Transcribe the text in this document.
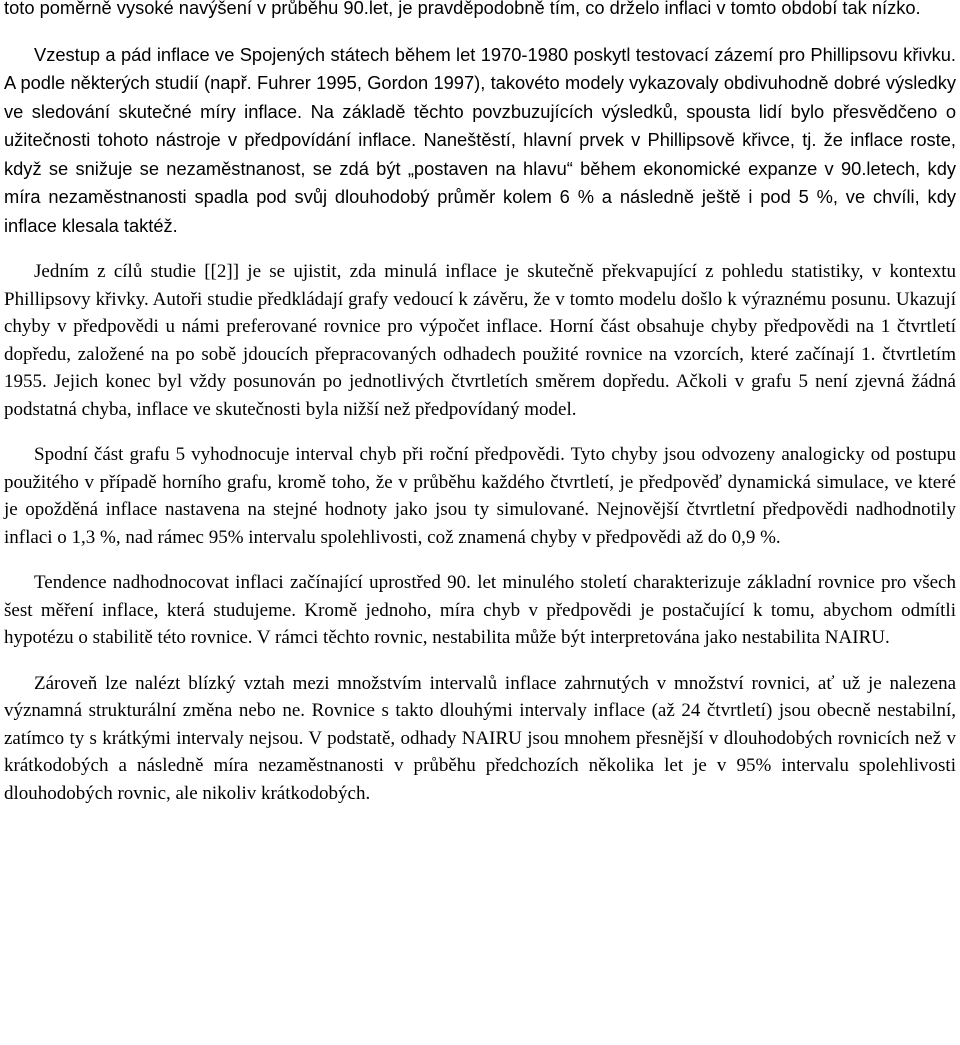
toto poměrně vysoké navýšení v průběhu 90.let, je pravděpodobně tím, co drželo inflaci v tomto období tak nízko.

Vzestup a pád inflace ve Spojených státech během let 1970-1980 poskytl testovací zázemí pro Phillipsovu křivku. A podle některých studií (např. Fuhrer 1995, Gordon 1997), takovéto modely vykazovaly obdivuhodně dobré výsledky ve sledování skutečné míry inflace. Na základě těchto povzbuzujících výsledků, spousta lidí bylo přesvědčeno o užitečnosti tohoto nástroje v předpovídání inflace. Naneštěstí, hlavní prvek v Phillipsově křivce, tj. že inflace roste, když se snižuje se nezaměstnanost, se zdá být „postaven na hlavu“ během ekonomické expanze v 90.letech, kdy míra nezaměstnanosti spadla pod svůj dlouhodobý průměr kolem 6 % a následně ještě i pod 5 %, ve chvíli, kdy inflace klesala taktéž.

Jedním z cílů studie [[2]] je se ujistit, zda minulá inflace je skutečně překvapující z pohledu statistiky, v kontextu Phillipsovy křivky. Autoři studie předkládají grafy vedoucí k závěru, že v tomto modelu došlo k výraznému posunu. Ukazují chyby v předpovědi u námi preferované rovnice pro výpočet inflace. Horní část obsahuje chyby předpovědi na 1 čtvrtletí dopředu, založené na po sobě jdoucích přepracovaných odhadech použité rovnice na vzorcích, které začínají 1. čtvrtletím 1955. Jejich konec byl vždy posunován po jednotlivých čtvrtletích směrem dopředu. Ačkoli v grafu 5 není zjevná žádná podstatná chyba, inflace ve skutečnosti byla nižší než předpovídaný model.

Spodní část grafu 5 vyhodnocuje interval chyb při roční předpovědi. Tyto chyby jsou odvozeny analogicky od postupu použitého v případě horního grafu, kromě toho, že v průběhu každého čtvrtletí, je předpověď dynamická simulace, ve které je opožděná inflace nastavena na stejné hodnoty jako jsou ty simulované. Nejnovější čtvrtletní předpovědi nadhodnotily inflaci o 1,3 %, nad rámec 95% intervalu spolehlivosti, což znamená chyby v předpovědi až do 0,9 %.

Tendence nadhodnocovat inflaci začínající uprostřed 90. let minulého století charakterizuje základní rovnice pro všech šest měření inflace, která studujeme. Kromě jednoho, míra chyb v předpovědi je postačující k tomu, abychom odmítli hypotézu o stabilitě této rovnice. V rámci těchto rovnic, nestabilita může být interpretována jako nestabilita NAIRU.

Zároveň lze nalézt blízký vztah mezi množstvím intervalů inflace zahrnutých v množství rovnici, ať už je nalezena významná strukturální změna nebo ne. Rovnice s takto dlouhými intervaly inflace (až 24 čtvrtletí) jsou obecně nestabilní, zatímco ty s krátkými intervaly nejsou. V podstatě, odhady NAIRU jsou mnohem přesnější v dlouhodobých rovnicích než v krátkodobých a následně míra nezaměstnanosti v průběhu předchozích několika let je v 95% intervalu spolehlivosti dlouhodobých rovnic, ale nikoliv krátkodobých.
